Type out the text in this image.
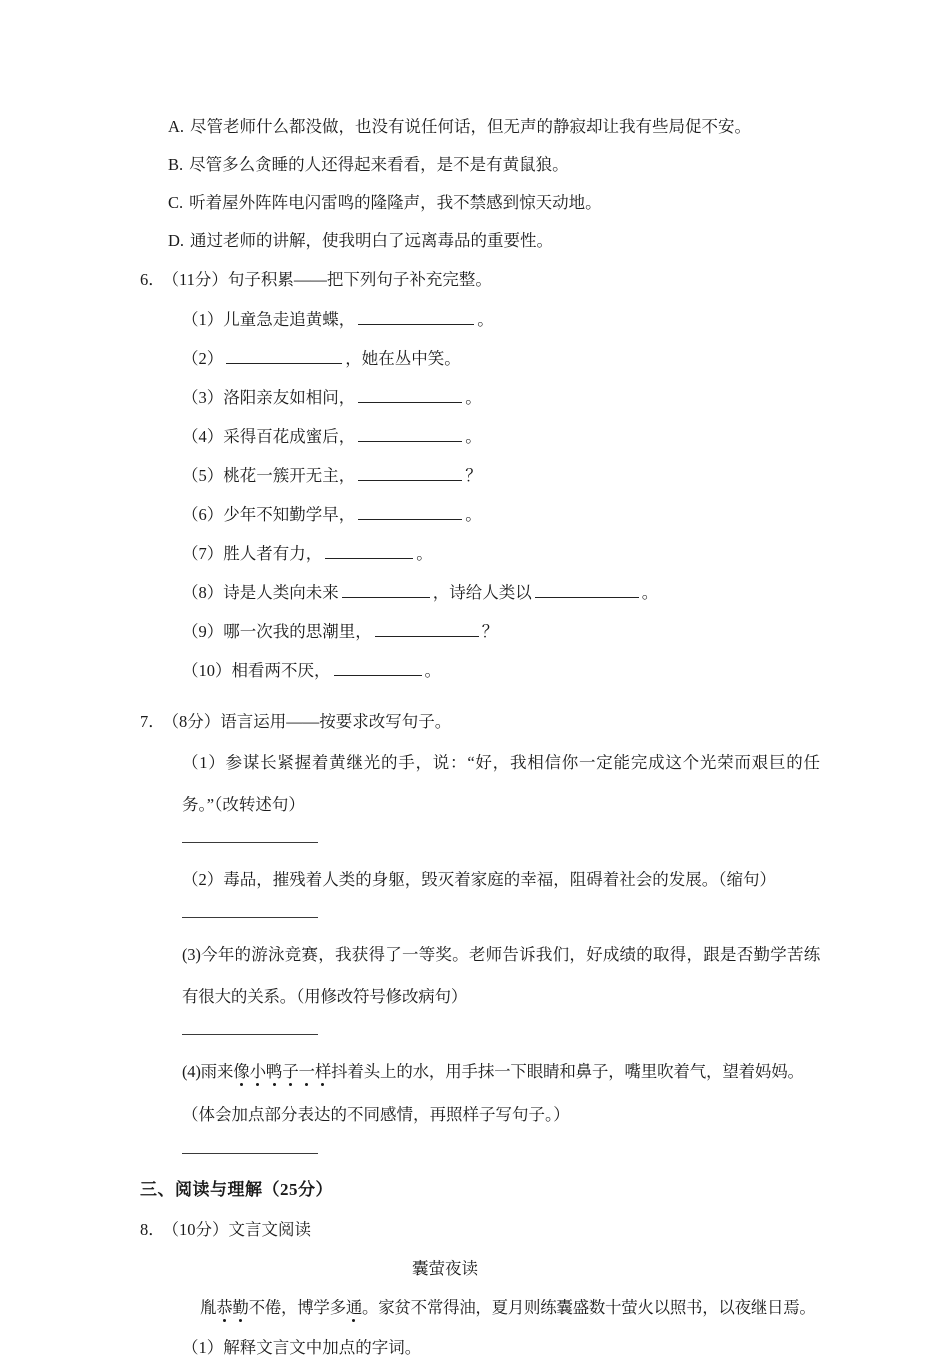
A. 尽管老师什么都没做，也没有说任何话，但无声的静寂却让我有些局促不安。
B. 尽管多么贪睡的人还得起来看看，是不是有黄鼠狼。
C. 听着屋外阵阵电闪雷鸣的隆隆声，我不禁感到惊天动地。
D. 通过老师的讲解，使我明白了远离毒品的重要性。
6． （11分）句子积累——把下列句子补充完整。
（1）儿童急走追黄蝶，	。
（2）	，她在丛中笑。
（3）洛阳亲友如相问，	。
（4）采得百花成蜜后，	。
（5）桃花一簇开无主，	？
（6）少年不知勤学早，	。
（7）胜人者有力，	。
（8）诗是人类向未来	，诗给人类以	。
（9）哪一次我的思潮里，	？
（10）相看两不厌，	。
7． （8分）语言运用——按要求改写句子。
（1）参谋长紧握着黄继光的手，说：“好，我相信你一定能完成这个光荣而艰巨的任务。”（改转述句）
（2）毒品，摧残着人类的身躯，毁灭着家庭的幸福，阻碍着社会的发展。（缩句）
(3)今年的游泳竞赛，我获得了一等奖。老师告诉我们，好成绩的取得，跟是否勤学苦练有很大的关系。（用修改符号修改病句）
(4)雨来像小鸭子一样抖着头上的水，用手抹一下眼睛和鼻子，嘴里吹着气，望着妈妈。
（体会加点部分表达的不同感情，再照样子写句子。）
三、阅读与理解（25分）
8． （10分）文言文阅读
囊萤夜读
胤恭勤不倦，博学多通。家贫不常得油，夏月则练囊盛数十萤火以照书，以夜继日焉。
（1）解释文言文中加点的字词。
